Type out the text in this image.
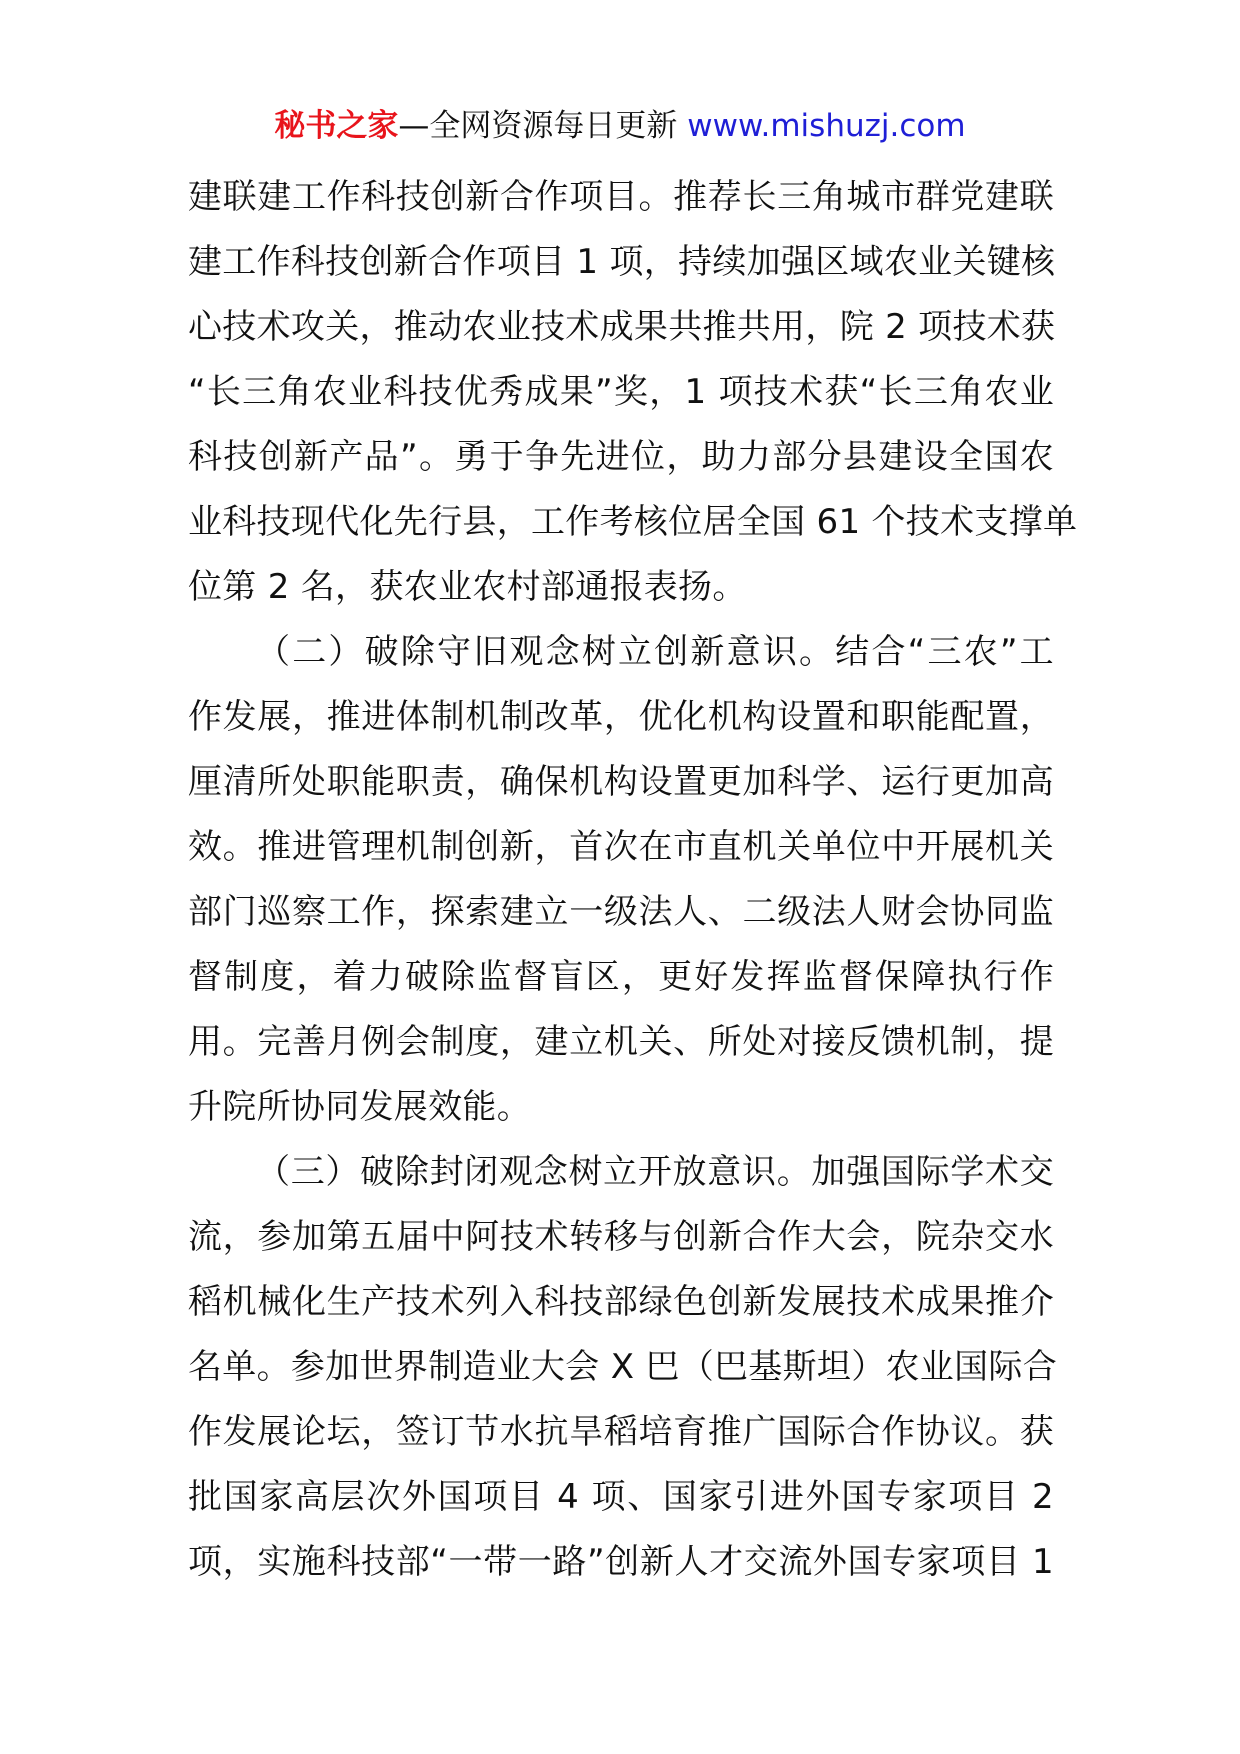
秘书之家—全网资源每日更新 www.mishuzj.com
建联建工作科技创新合作项目。推荐长三角城市群党建联
建工作科技创新合作项目 1 项，持续加强区域农业关键核
心技术攻关，推动农业技术成果共推共用，院 2 项技术获
“长三角农业科技优秀成果”奖，1 项技术获“长三角农业
科技创新产品”。勇于争先进位，助力部分县建设全国农
业科技现代化先行县，工作考核位居全国 61 个技术支撑单
位第 2 名，获农业农村部通报表扬。
（二）破除守旧观念树立创新意识。结合“三农”工
作发展，推进体制机制改革，优化机构设置和职能配置，
厘清所处职能职责，确保机构设置更加科学、运行更加高
效。推进管理机制创新，首次在市直机关单位中开展机关
部门巡察工作，探索建立一级法人、二级法人财会协同监
督制度，着力破除监督盲区，更好发挥监督保障执行作
用。完善月例会制度，建立机关、所处对接反馈机制，提
升院所协同发展效能。
（三）破除封闭观念树立开放意识。加强国际学术交
流，参加第五届中阿技术转移与创新合作大会，院杂交水
稻机械化生产技术列入科技部绿色创新发展技术成果推介
名单。参加世界制造业大会 X 巴（巴基斯坦）农业国际合
作发展论坛，签订节水抗旱稻培育推广国际合作协议。获
批国家高层次外国项目 4 项、国家引进外国专家项目 2
项，实施科技部“一带一路”创新人才交流外国专家项目 1
